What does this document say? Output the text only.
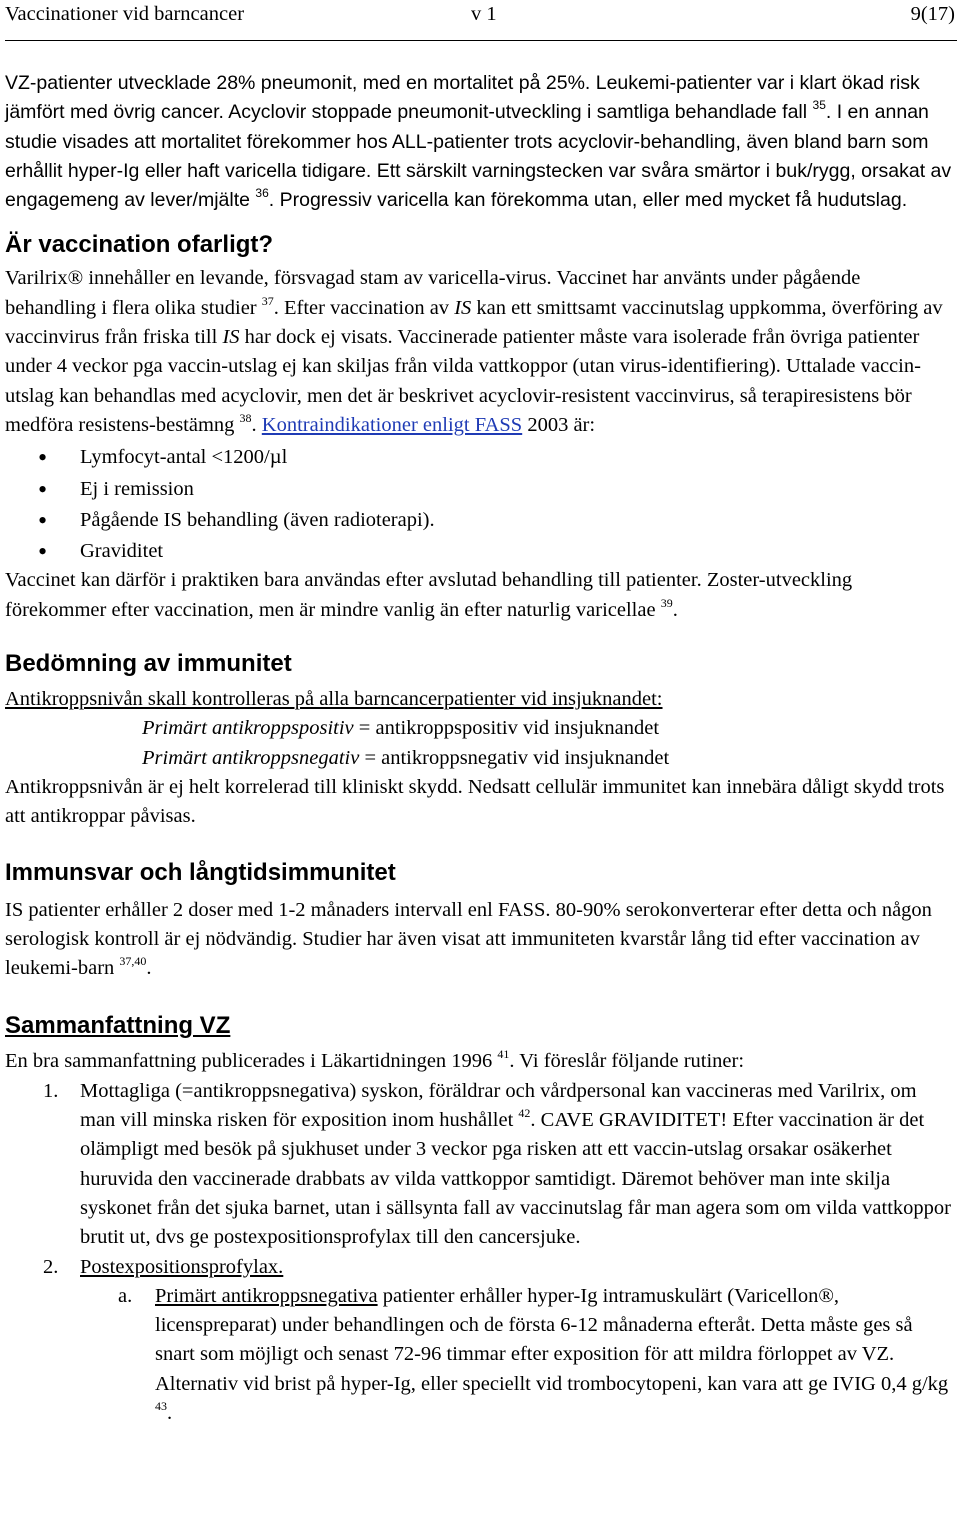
Vaccinationer vid barncancer	v 1	9(17)

VZ-patienter utvecklade 28% pneumonit, med en mortalitet på 25%. Leukemi-patienter var i klart ökad risk jämfört med övrig cancer. Acyclovir stoppade pneumonit-utveckling i samtliga behandlade fall $^{35}$. I en annan studie visades att mortalitet förekommer hos ALL-patienter trots acyclovir-behandling, även bland barn som erhållit hyper-Ig eller haft varicella tidigare. Ett särskilt varningstecken var svåra smärtor i buk/rygg, orsakat av engagemeng av lever/mjälte $^{36}$. Progressiv varicella kan förekomma utan, eller med mycket få hudutslag.

Är vaccination ofarligt?

Varilrix® innehåller en levande, försvagad stam av varicella-virus. Vaccinet har använts under pågående behandling i flera olika studier $^{37}$. Efter vaccination av IS kan ett smittsamt vaccinutslag uppkomma, överföring av vaccinvirus från friska till IS har dock ej visats. Vaccinerade patienter måste vara isolerade från övriga patienter under 4 veckor pga vaccin-utslag ej kan skiljas från vilda vattkoppor (utan virus-identifiering). Uttalade vaccin-utslag kan behandlas med acyclovir, men det är beskrivet acyclovir-resistent vaccinvirus, så terapiresistens bör medföra resistens-bestämng $^{38}$. Kontraindikationer enligt FASS 2003 är:

• Lymfocyt-antal <1200/µl
• Ej i remission
• Pågående IS behandling (även radioterapi).
• Graviditet

Vaccinet kan därför i praktiken bara användas efter avslutad behandling till patienter. Zoster-utveckling förekommer efter vaccination, men är mindre vanlig än efter naturlig varicellae $^{39}$.

Bedömning av immunitet

Antikroppsnivån skall kontrolleras på alla barncancerpatienter vid insjuknandet:

Primärt antikroppspositiv = antikroppspositiv vid insjuknandet

Primärt antikroppsnegativ = antikroppsnegativ vid insjuknandet

Antikroppsnivån är ej helt korrelerad till kliniskt skydd. Nedsatt cellulär immunitet kan innebära dåligt skydd trots att antikroppar påvisas.

Immunsvar och långtidsimmunitet

IS patienter erhåller 2 doser med 1-2 månaders intervall enl FASS. 80-90% serokonverterar efter detta och någon serologisk kontroll är ej nödvändig. Studier har även visat att immuniteten kvarstår lång tid efter vaccination av leukemi-barn $^{37,40}$.

Sammanfattning VZ

En bra sammanfattning publicerades i Läkartidningen 1996 $^{41}$. Vi föreslår följande rutiner:

1. Mottagliga (=antikroppsnegativa) syskon, föräldrar och vårdpersonal kan vaccineras med Varilrix, om man vill minska risken för exposition inom hushållet $^{42}$. CAVE GRAVIDITET! Efter vaccination är det olämpligt med besök på sjukhuset under 3 veckor pga risken att ett vaccin-utslag orsakar osäkerhet huruvida den vaccinerade drabbats av vilda vattkoppor samtidigt. Däremot behöver man inte skilja syskonet från det sjuka barnet, utan i sällsynta fall av vaccinutslag får man agera som om vilda vattkoppor brutit ut, dvs ge postexpositionsprofylax till den cancersjuke.
2. Postexpositionsprofylax.
a. Primärt antikroppsnegativa patienter erhåller hyper-Ig intramuskulärt (Varicellon®, licenspreparat) under behandlingen och de första 6-12 månaderna efteråt. Detta måste ges så snart som möjligt och senast 72-96 timmar efter exposition för att mildra förloppet av VZ. Alternativ vid brist på hyper-Ig, eller speciellt vid trombocytopeni, kan vara att ge IVIG 0,4 g/kg $^{43}$.
